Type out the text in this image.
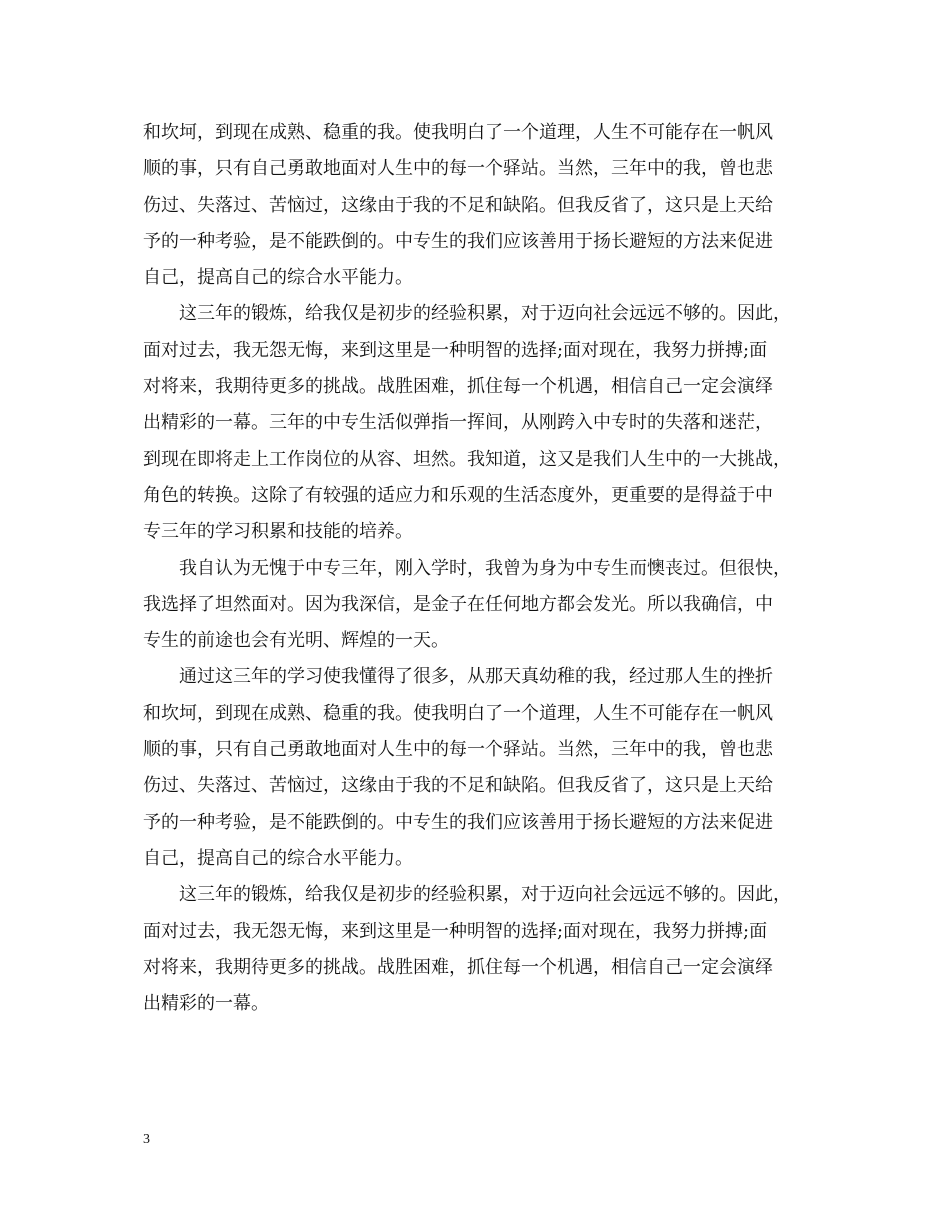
和坎坷，到现在成熟、稳重的我。使我明白了一个道理，人生不可能存在一帆风
顺的事，只有自己勇敢地面对人生中的每一个驿站。当然，三年中的我，曾也悲
伤过、失落过、苦恼过，这缘由于我的不足和缺陷。但我反省了，这只是上天给
予的一种考验，是不能跌倒的。中专生的我们应该善用于扬长避短的方法来促进
自己，提高自己的综合水平能力。
这三年的锻炼，给我仅是初步的经验积累，对于迈向社会远远不够的。因此，
面对过去，我无怨无悔，来到这里是一种明智的选择;面对现在，我努力拼搏;面
对将来，我期待更多的挑战。战胜困难，抓住每一个机遇，相信自己一定会演绎
出精彩的一幕。三年的中专生活似弹指一挥间，从刚跨入中专时的失落和迷茫，
到现在即将走上工作岗位的从容、坦然。我知道，这又是我们人生中的一大挑战，
角色的转换。这除了有较强的适应力和乐观的生活态度外，更重要的是得益于中
专三年的学习积累和技能的培养。
我自认为无愧于中专三年，刚入学时，我曾为身为中专生而懊丧过。但很快，
我选择了坦然面对。因为我深信，是金子在任何地方都会发光。所以我确信，中
专生的前途也会有光明、辉煌的一天。
通过这三年的学习使我懂得了很多，从那天真幼稚的我，经过那人生的挫折
和坎坷，到现在成熟、稳重的我。使我明白了一个道理，人生不可能存在一帆风
顺的事，只有自己勇敢地面对人生中的每一个驿站。当然，三年中的我，曾也悲
伤过、失落过、苦恼过，这缘由于我的不足和缺陷。但我反省了，这只是上天给
予的一种考验，是不能跌倒的。中专生的我们应该善用于扬长避短的方法来促进
自己，提高自己的综合水平能力。
这三年的锻炼，给我仅是初步的经验积累，对于迈向社会远远不够的。因此，
面对过去，我无怨无悔，来到这里是一种明智的选择;面对现在，我努力拼搏;面
对将来，我期待更多的挑战。战胜困难，抓住每一个机遇，相信自己一定会演绎
出精彩的一幕。
3
